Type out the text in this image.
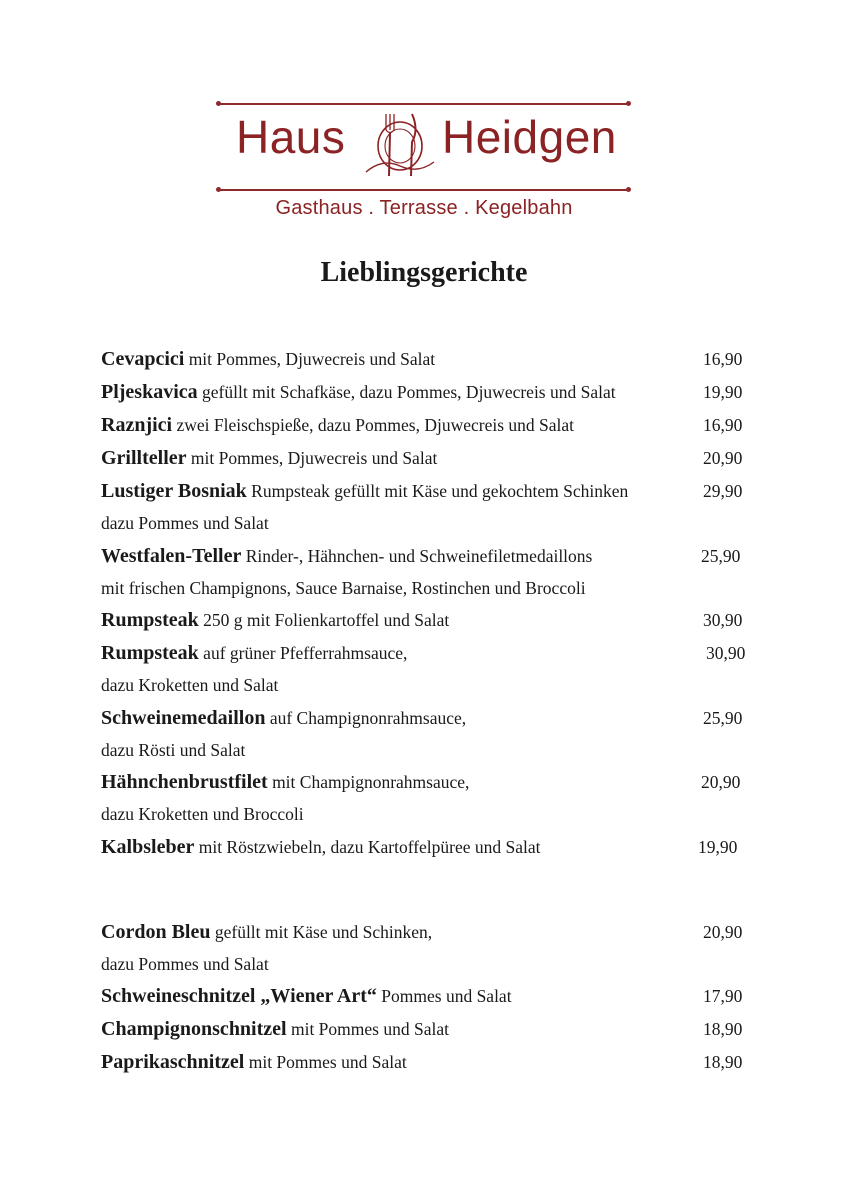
Haus Heidgen
Gasthaus . Terrasse . Kegelbahn
Lieblingsgerichte
Cevapcici mit Pommes, Djuwecreis und Salat	16,90
Pljeskavica gefüllt mit Schafkäse, dazu Pommes, Djuwecreis und Salat	19,90
Raznjici zwei Fleischspieße, dazu Pommes, Djuwecreis und Salat	16,90
Grillteller mit Pommes, Djuwecreis und Salat	20,90
Lustiger Bosniak Rumpsteak gefüllt mit Käse und gekochtem Schinken	29,90
dazu Pommes und Salat
Westfalen-Teller Rinder-, Hähnchen- und Schweinefiletmedaillons	25,90
mit frischen Champignons, Sauce Barnaise, Rostinchen und Broccoli
Rumpsteak 250 g mit Folienkartoffel und Salat	30,90
Rumpsteak auf grüner Pfefferrahmsauce,	30,90
dazu Kroketten und Salat
Schweinemedaillon auf Champignonrahmsauce,	25,90
dazu Rösti und Salat
Hähnchenbrustfilet mit Champignonrahmsauce,	20,90
dazu Kroketten und Broccoli
Kalbsleber mit Röstzwiebeln, dazu Kartoffelpüree und Salat	19,90
Cordon Bleu gefüllt mit Käse und Schinken,	20,90
dazu Pommes und Salat
Schweineschnitzel „Wiener Art“ Pommes und Salat	17,90
Champignonschnitzel mit Pommes und Salat	18,90
Paprikaschnitzel mit Pommes und Salat	18,90
